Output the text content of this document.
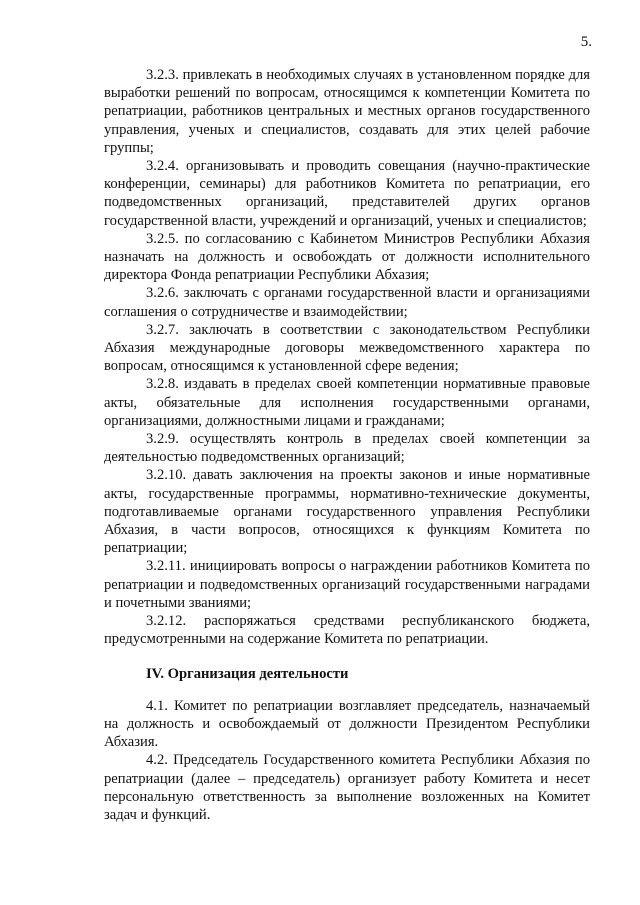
5.

3.2.3. привлекать в необходимых случаях в установленном порядке для выработки решений по вопросам, относящимся к компетенции Комитета по репатриации, работников центральных и местных органов государственного управления, ученых и специалистов, создавать для этих целей рабочие группы;

3.2.4. организовывать и проводить совещания (научно-практические конференции, семинары) для работников Комитета по репатриации, его подведомственных организаций, представителей других органов государственной власти, учреждений и организаций, ученых и специалистов;

3.2.5. по согласованию с Кабинетом Министров Республики Абхазия назначать на должность и освобождать от должности исполнительного директора Фонда репатриации Республики Абхазия;

3.2.6. заключать с органами государственной власти и организациями соглашения о сотрудничестве и взаимодействии;

3.2.7. заключать в соответствии с законодательством Республики Абхазия международные договоры межведомственного характера по вопросам, относящимся к установленной сфере ведения;

3.2.8. издавать в пределах своей компетенции нормативные правовые акты, обязательные для исполнения государственными органами, организациями, должностными лицами и гражданами;

3.2.9. осуществлять контроль в пределах своей компетенции за деятельностью подведомственных организаций;

3.2.10. давать заключения на проекты законов и иные нормативные акты, государственные программы, нормативно-технические документы, подготавливаемые органами государственного управления Республики Абхазия, в части вопросов, относящихся к функциям Комитета по репатриации;

3.2.11. инициировать вопросы о награждении работников Комитета по репатриации и подведомственных организаций государственными наградами и почетными званиями;

3.2.12. распоряжаться средствами республиканского бюджета, предусмотренными на содержание Комитета по репатриации.

IV. Организация деятельности

4.1. Комитет по репатриации возглавляет председатель, назначаемый на должность и освобождаемый от должности Президентом Республики Абхазия.

4.2. Председатель Государственного комитета Республики Абхазия по репатриации (далее – председатель) организует работу Комитета и несет персональную ответственность за выполнение возложенных на Комитет задач и функций.
